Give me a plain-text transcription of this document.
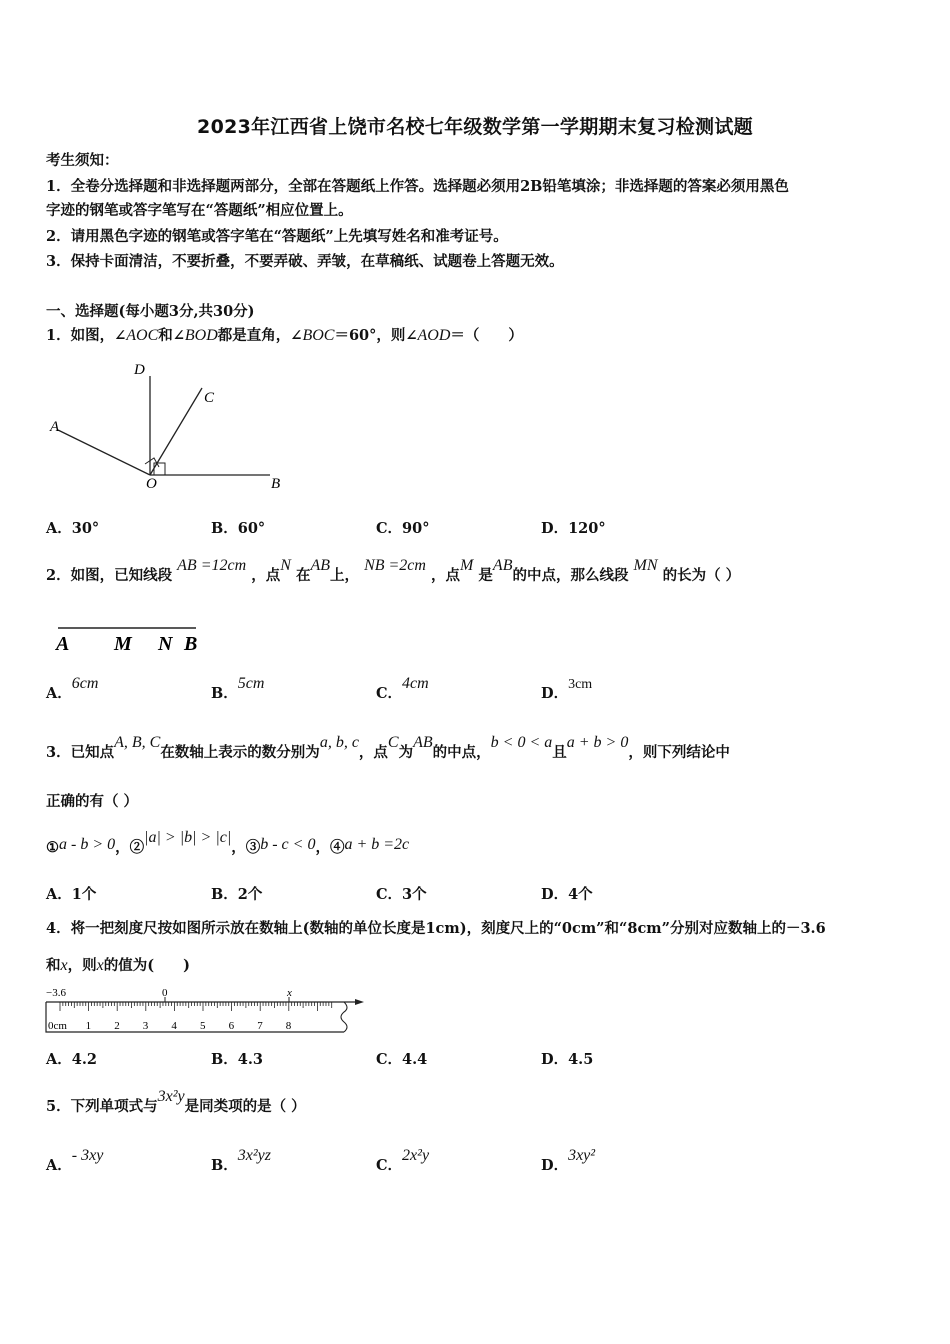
2023年江西省上饶市名校七年级数学第一学期期末复习检测试题
考生须知：
1．全卷分选择题和非选择题两部分，全部在答题纸上作答。选择题必须用2B铅笔填涂；非选择题的答案必须用黑色
字迹的钢笔或答字笔写在“答题纸”相应位置上。
2．请用黑色字迹的钢笔或答字笔在“答题纸”上先填写姓名和准考证号。
3．保持卡面清洁，不要折叠，不要弄破、弄皱，在草稿纸、试题卷上答题无效。
一、选择题(每小题3分,共30分)
1．如图，∠AOC和∠BOD都是直角，∠BOC＝60°，则∠AOD＝（　　）
D
C
A
O	B
A．30°	B．60°	C．90°	D．120°
2．如图，已知线段 AB =12cm ，点N 在AB上， NB =2cm ，点M 是AB的中点，那么线段 MN 的长为（ ）
A M N B
A．6cm
B．5cm
C．4cm
D．3cm
3．已知点A, B, C在数轴上表示的数分别为a, b, c，点C为AB的中点，b < 0 < a且a + b > 0，则下列结论中
正确的有（ ）
①a - b > 0，②|a| > |b| > |c|，③b - c < 0，④a + b =2c
A．1个	B．2个	C．3个	D．4个
4．将一把刻度尺按如图所示放在数轴上(数轴的单位长度是1cm)，刻度尺上的“0cm”和“8cm”分别对应数轴上的－3.6
和x，则x的值为(　　)
−3.6	0	x
0cm 1 2 3 4 5 6 7 8
A．4.2	B．4.3	C．4.4	D．4.5
5．下列单项式与3x²y是同类项的是（ ）
A．- 3xy
B．3x²yz
C．2x²y
D．3xy²
